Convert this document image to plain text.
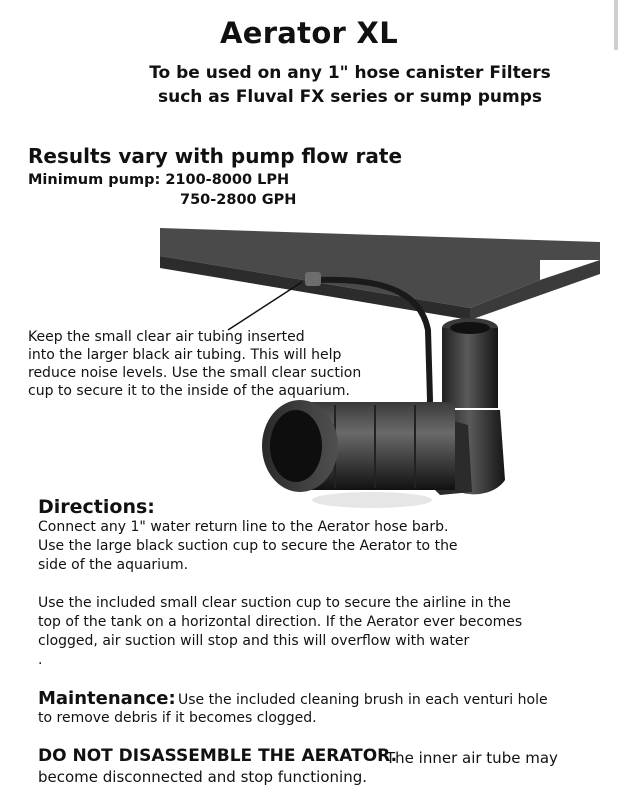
Aerator XL
To be used on any 1" hose canister Filters
such as Fluval FX series or sump pumps
Results vary with pump flow rate
Minimum pump: 2100-8000 LPH
750-2800 GPH
Keep the small clear air tubing inserted
into the larger black air tubing. This will help
reduce noise levels. Use the small clear suction
cup to secure it to the inside of the aquarium.
Directions:
Connect any 1" water return line to the Aerator hose barb.
Use the large black suction cup to secure the Aerator to the
side of the aquarium.
Use the included small clear suction cup to secure the airline in the
top of the tank on a horizontal direction. If the Aerator ever becomes
clogged, air suction will stop and this will overflow with water
.
Maintenance: Use the included cleaning brush in each venturi hole
to remove debris if it becomes clogged.
DO NOT DISASSEMBLE THE AERATOR.
The inner air tube may
become disconnected and stop functioning.
